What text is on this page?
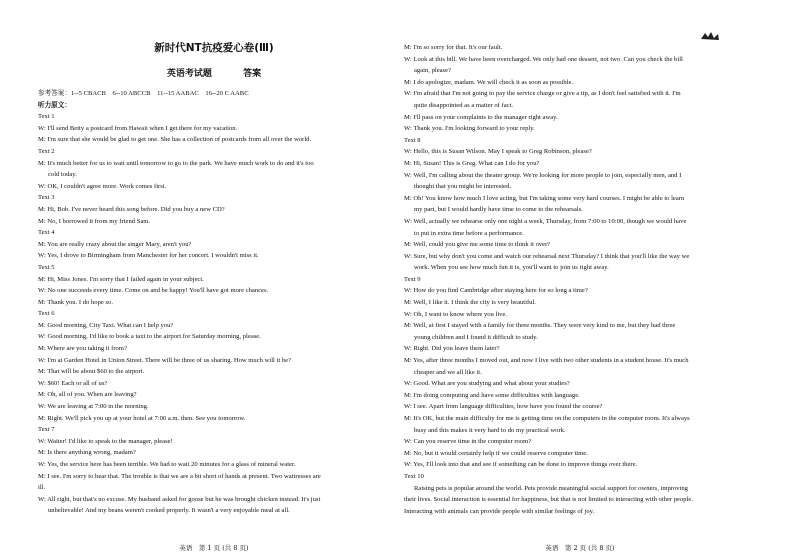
新时代NT抗疫爱心卷(Ⅲ)
英语考试题	答案
参考答案：1--5 CBACB　6--10 ABCCB　11--15 AABAC　16--20 C AABC
听力原文：
Text 1
W: I'll send Betty a postcard from Hawaii when I get there for my vacation.
M: I'm sure that she would be glad to get one. She has a collection of postcards from all over the world.
Text 2
M: It's much better for us to wait until tomorrow to go to the park. We have much work to do and it's too
cold today.
W: OK, I couldn't agree more. Work comes first.
Text 3
M: Hi, Bob. I've never heard this song before. Did you buy a new CD?
M: No, I borrowed it from my friend Sam.
Text 4
M: You are really crazy about the singer Mary, aren't you?
W: Yes, I drove to Birmingham from Manchester for her concert. I wouldn't miss it.
Text 5
M: Hi, Miss Jones. I'm sorry that I failed again in your subject.
W: No one succeeds every time. Come on and be happy! You'll have got more chances.
M: Thank you. I do hope so.
Text 6
M: Good morning, City Taxi. What can I help you?
W: Good morning, I'd like to book a taxi to the airport for Saturday morning, please.
M: Where are you taking it from?
W: I'm at Garden Hotel in Union Street. There will be three of us sharing. How much will it be?
M: That will be about $60 to the airport.
W: $60! Each or all of us?
M: Oh, all of you. When are leaving?
W: We are leaving at 7:00 in the morning.
M: Right. We'll pick you up at your hotel at 7:00 a.m. then. See you tomorrow.
Text 7
W: Waiter! I'd like to speak to the manager, please!
M: Is there anything wrong, madam?
W: Yes, the service here has been terrible. We had to wait 20 minutes for a glass of mineral water.
M: I see. I'm sorry to hear that. The trouble is that we are a bit short of hands at present. Two waitresses are
ill.
W: All right, but that's no excuse. My husband asked for goose but he was brought chicken instead. It's just
unbelievable! And my beans weren't cooked properly. It wasn't a very enjoyable meal at all.
英语　第 1 页 (共 8 页)
M: I'm so sorry for that. It's our fault.
W: Look at this bill. We have been overcharged. We only had one dessert, not two. Can you check the bill
again, please?
M: I do apologize, madam. We will check it as soon as possible.
W: I'm afraid that I'm not going to pay the service charge or give a tip, as I don't feel satisfied with it. I'm
quite disappointed as a matter of fact.
M: I'll pass on your complaints to the manager right away.
W: Thank you. I'm looking forward to your reply.
Text 8
W: Hello, this is Susan Wilson. May I speak to Greg Robinson, please?
M: Hi, Susan! This is Greg. What can I do for you?
W: Well, I'm calling about the theater group. We're looking for more people to join, especially men, and I
thought that you might be interested.
M: Oh! You know how much I love acting, but I'm taking some very hard courses. I might be able to learn
my part, but I would hardly have time to come to the rehearsals.
W: Well, actually we rehearse only one night a week, Thursday, from 7:00 to 10:00, though we would have
to put in extra time before a performance.
M: Well, could you give me some time to think it over?
W: Sure, but why don't you come and watch our rehearsal next Thursday? I think that you'll like the way we
work. When you see how much fun it is, you'll want to join us right away.
Text 9
W: How do you find Cambridge after staying here for so long a time?
M: Well, I like it. I think the city is very beautiful.
W: Oh, I want to know where you live.
M: Well, at first I stayed with a family for three months. They were very kind to me, but they had three
young children and I found it difficult to study.
W: Right. Did you leave them later?
M: Yes, after three months I moved out, and now I live with two other students in a student house. It's much
cheaper and we all like it.
W: Good. What are you studying and what about your studies?
M: I'm doing computing and have some difficulties with language.
W: I see. Apart from language difficulties, how have you found the course?
M: It's OK, but the main difficulty for me is getting time on the computers in the computer room. It's always
busy and this makes it very hard to do my practical work.
W: Can you reserve time in the computer room?
M: No, but it would certainly help if we could reserve computer time.
W: Yes, I'll look into that and see if something can be done to improve things over there.
Text 10
Raising pets is popular around the world. Pets provide meaningful social support for owners, improving
their lives. Social interaction is essential for happiness, but that is not limited to interacting with other people.
Interacting with animals can provide people with similar feelings of joy.
英语　第 2 页 (共 8 页)
